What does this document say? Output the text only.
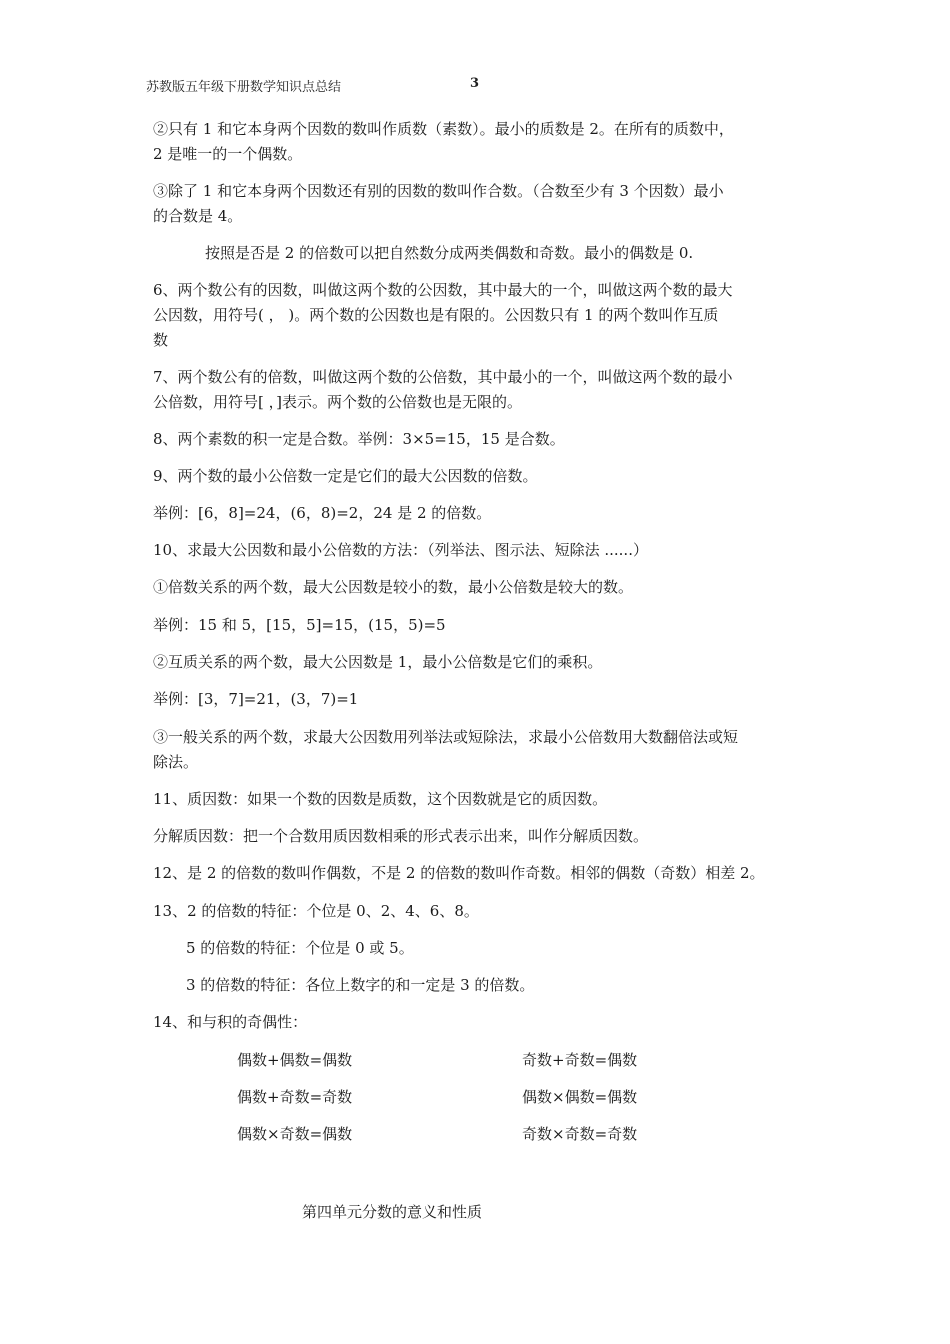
苏教版五年级下册数学知识点总结	3
②只有 1 和它本身两个因数的数叫作质数（素数）。最小的质数是 2。在所有的质数中，
2 是唯一的一个偶数。
③除了 1 和它本身两个因数还有别的因数的数叫作合数。（合数至少有 3 个因数）最小
的合数是 4。
按照是否是 2 的倍数可以把自然数分成两类偶数和奇数。最小的偶数是 0.
6、两个数公有的因数，叫做这两个数的公因数，其中最大的一个，叫做这两个数的最大
公因数，用符号( ， )。两个数的公因数也是有限的。公因数只有 1 的两个数叫作互质
数
7、两个数公有的倍数，叫做这两个数的公倍数，其中最小的一个，叫做这两个数的最小
公倍数，用符号[ ，]表示。两个数的公倍数也是无限的。
8、两个素数的积一定是合数。举例：3×5=15，15 是合数。
9、两个数的最小公倍数一定是它们的最大公因数的倍数。
举例：[6，8]=24，(6，8)=2，24 是 2 的倍数。
10、求最大公因数和最小公倍数的方法：（列举法、图示法、短除法 ......）
①倍数关系的两个数，最大公因数是较小的数，最小公倍数是较大的数。
举例：15 和 5，[15，5]=15，(15，5)=5
②互质关系的两个数，最大公因数是 1，最小公倍数是它们的乘积。
举例：[3，7]=21，(3，7)=1
③一般关系的两个数，求最大公因数用列举法或短除法，求最小公倍数用大数翻倍法或短
除法。
11、质因数：如果一个数的因数是质数，这个因数就是它的质因数。
分解质因数：把一个合数用质因数相乘的形式表示出来，叫作分解质因数。
12、是 2 的倍数的数叫作偶数，不是 2 的倍数的数叫作奇数。相邻的偶数（奇数）相差 2。
13、2 的倍数的特征：个位是 0、2、4、6、8。
5 的倍数的特征：个位是 0 或 5。
3 的倍数的特征：各位上数字的和一定是 3 的倍数。
14、和与积的奇偶性：
偶数+偶数=偶数	奇数+奇数=偶数
偶数+奇数=奇数	偶数×偶数=偶数
偶数×奇数=偶数	奇数×奇数=奇数
第四单元分数的意义和性质
